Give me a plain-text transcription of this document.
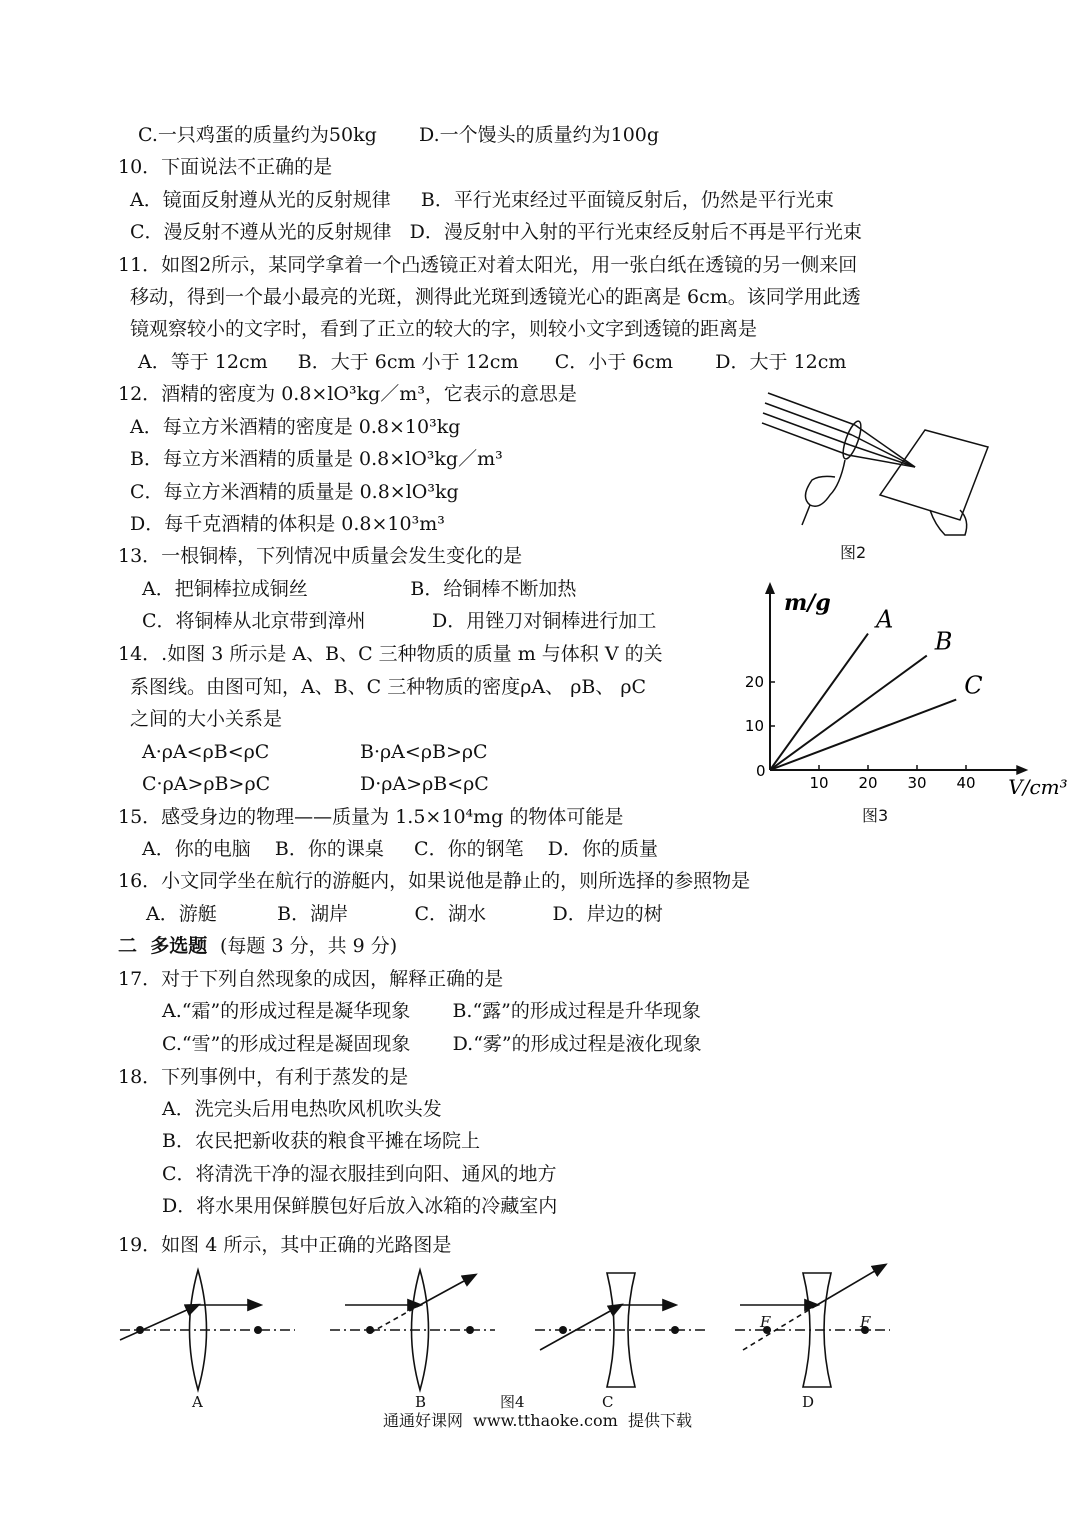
C.一只鸡蛋的质量约为50kg       D.一个馒头的质量约为100g
10．下面说法不正确的是
A．镜面反射遵从光的反射规律     B．平行光束经过平面镜反射后，仍然是平行光束
C．漫反射不遵从光的反射规律   D．漫反射中入射的平行光束经反射后不再是平行光束
11．如图2所示，某同学拿着一个凸透镜正对着太阳光，用一张白纸在透镜的另一侧来回
移动，得到一个最小最亮的光斑，测得此光斑到透镜光心的距离是 6cm。该同学用此透
镜观察较小的文字时，看到了正立的较大的字，则较小文字到透镜的距离是
A．等于 12cm     B．大于 6cm 小于 12cm      C．小于 6cm       D．大于 12cm
12．酒精的密度为 0.8×lO³kg／m³，它表示的意思是
A．每立方米酒精的密度是 0.8×10³kg
B．每立方米酒精的质量是 0.8×lO³kg／m³
C．每立方米酒精的质量是 0.8×lO³kg
D．每千克酒精的体积是 0.8×10³m³
13．一根铜棒，下列情况中质量会发生变化的是
A．把铜棒拉成铜丝                 B．给铜棒不断加热
C．将铜棒从北京带到漳州           D．用锉刀对铜棒进行加工
14．.如图 3 所示是 A、B、C 三种物质的质量 m 与体积 V 的关
系图线。由图可知，A、B、C 三种物质的密度ρA、 ρB、 ρC
之间的大小关系是
A·ρA<ρB<ρC	B·ρA<ρB>ρC
C·ρA>ρB>ρC	D·ρA>ρB<ρC
15．感受身边的物理——质量为 1.5×10⁴mg 的物体可能是
A．你的电脑    B．你的课桌     C．你的钢笔    D．你的质量
16．小文同学坐在航行的游艇内，如果说他是静止的，则所选择的参照物是
A．游艇          B．湖岸           C．湖水           D．岸边的树
二  多选题 (每题 3 分，共 9 分)
17．对于下列自然现象的成因，解释正确的是
A.“霜”的形成过程是凝华现象       B.“露”的形成过程是升华现象
C.“雪”的形成过程是凝固现象       D.“雾”的形成过程是液化现象
18．下列事例中，有利于蒸发的是
A．洗完头后用电热吹风机吹头发
B．农民把新收获的粮食平摊在场院上
C．将清洗干净的湿衣服挂到向阳、通风的地方
D．将水果用保鲜膜包好后放入冰箱的冷藏室内
19．如图 4 所示，其中正确的光路图是
图2
10 20 30 40
10
20
0
m/g
V/cm³
A
B
C
图3
F	F
A	B	图4	C	D
通通好课网  www.tthaoke.com  提供下载
